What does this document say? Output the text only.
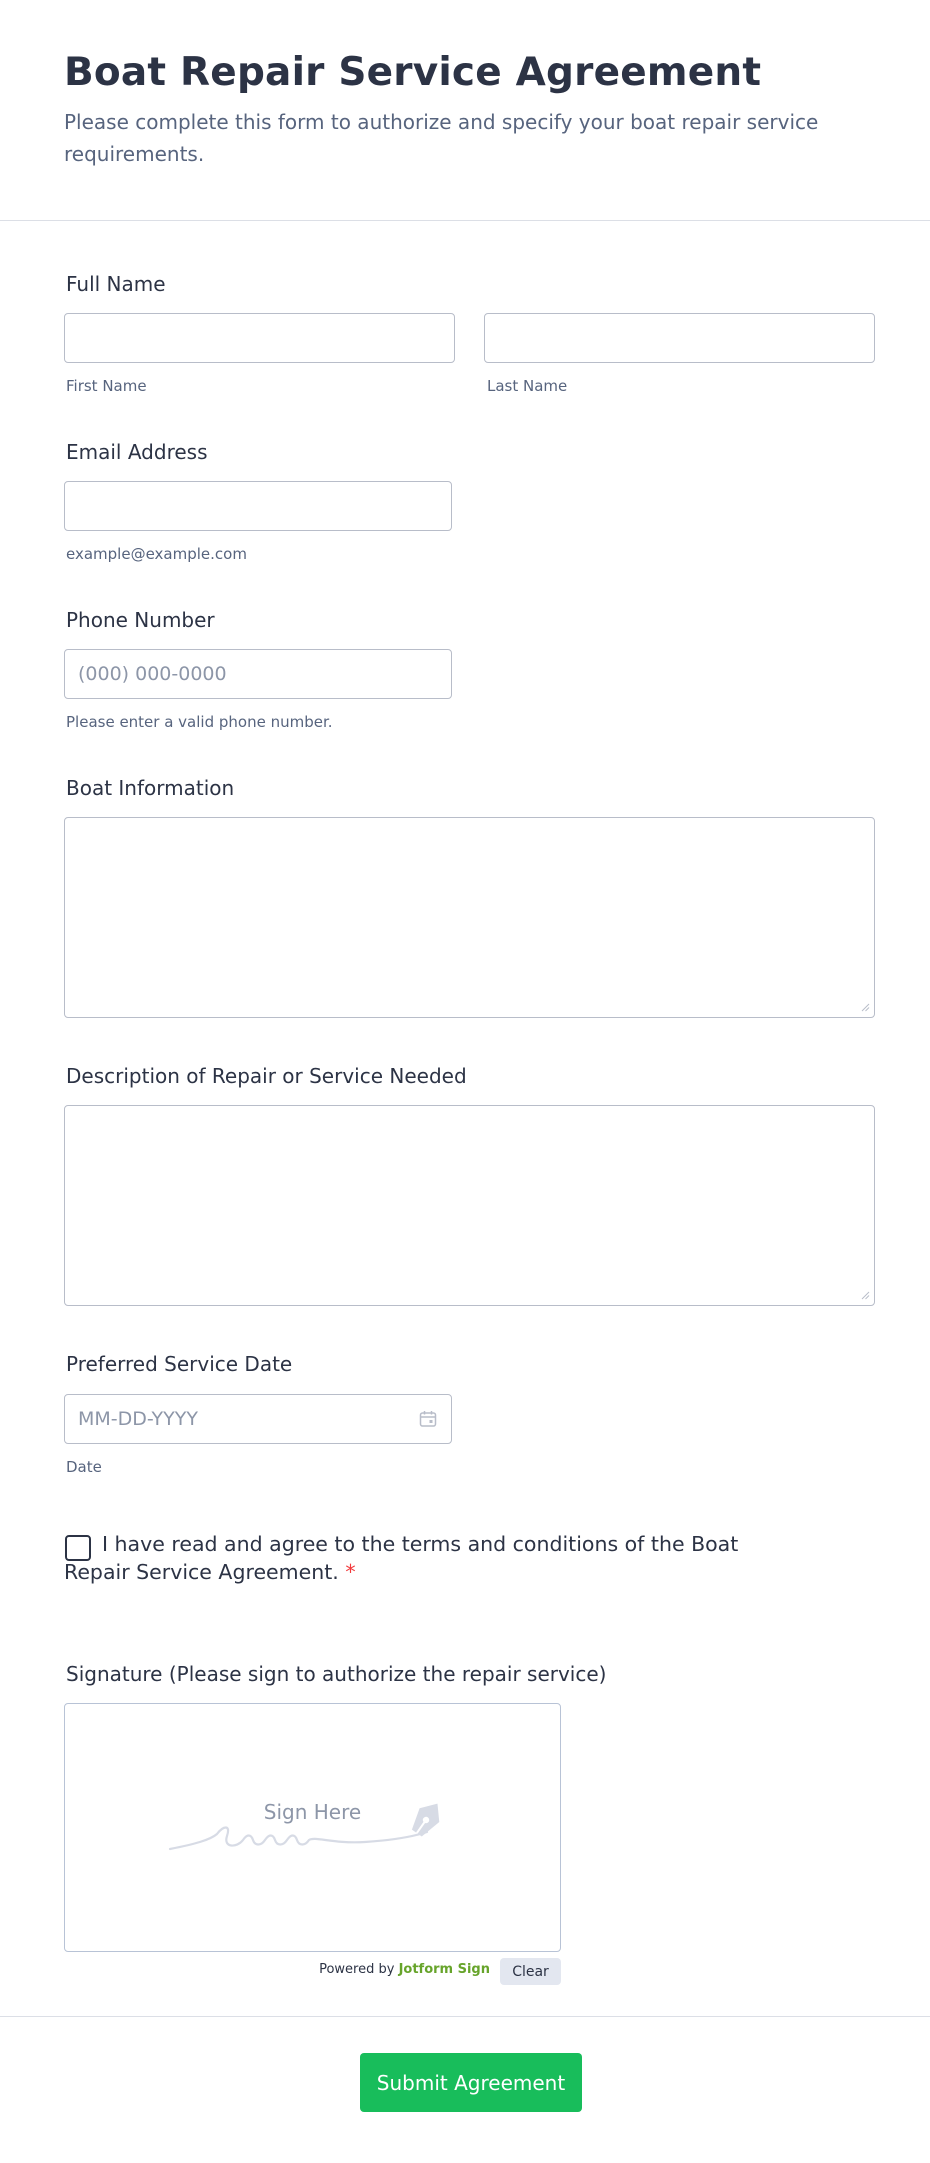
Boat Repair Service Agreement

Please complete this form to authorize and specify your boat repair service requirements.

Full Name
First Name	Last Name
Email Address
example@example.com
Phone Number
(000) 000-0000
Please enter a valid phone number.
Boat Information
Description of Repair or Service Needed
Preferred Service Date
MM-DD-YYYY
Date
I have read and agree to the terms and conditions of the Boat Repair Service Agreement. *
Signature (Please sign to authorize the repair service)
Sign Here
Powered by Jotform Sign	Clear
Submit Agreement
